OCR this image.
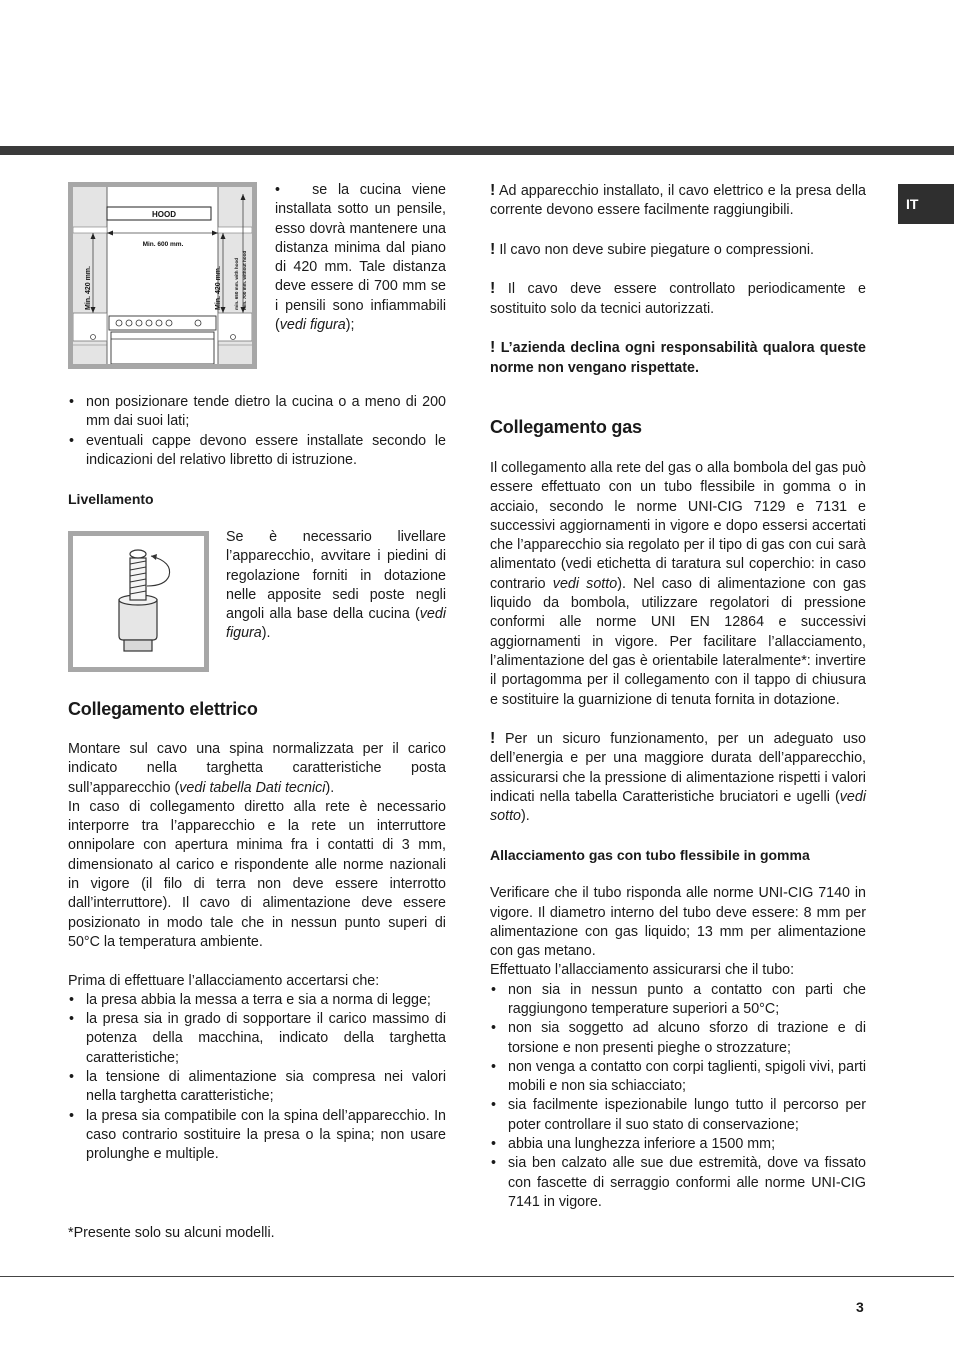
IT
HOOD
Min. 600 mm.
Min. 420 mm.	Min. 420 mm.	min. 650 mm. with hood min. 700 mm. without hood

•   se la cucina viene installata sotto un pensile, esso dovrà mantenere una distanza minima dal piano di 420 mm. Tale distanza deve essere di 700 mm se i pensili sono infiammabili (vedi figura);

• non posizionare tende dietro la cucina o a meno di 200 mm dai suoi lati;
• eventuali cappe devono essere installate secondo le indicazioni del relativo libretto di istruzione.
Livellamento

Se è necessario livellare l’apparecchio, avvitare i piedini di regolazione forniti in dotazione nelle apposite sedi poste negli angoli alla base della cucina (vedi figura).

Collegamento elettrico

Montare sul cavo una spina normalizzata per il carico indicato nella targhetta caratteristiche posta sull’apparecchio (vedi tabella Dati tecnici).

In caso di collegamento diretto alla rete è necessario interporre tra l’apparecchio e la rete un interruttore onnipolare con apertura minima fra i contatti di 3 mm, dimensionato al carico e rispondente alle norme nazionali in vigore (il filo di terra non deve essere interrotto dall’interruttore). Il cavo di alimentazione deve essere posizionato in modo tale che in nessun punto superi di 50°C la temperatura ambiente.

Prima di effettuare l’allacciamento accertarsi che:

• la presa abbia la messa a terra e sia a norma di legge;
• la presa sia in grado di sopportare il carico massimo di potenza della macchina, indicato della targhetta caratteristiche;
• la tensione di alimentazione sia compresa nei valori nella targhetta caratteristiche;
• la presa sia compatibile con la spina dell’apparecchio. In caso contrario sostituire la presa o la spina; non usare prolunghe e multiple.

*Presente solo su alcuni modelli.

! Ad apparecchio installato, il cavo elettrico e la presa della corrente devono essere facilmente raggiungibili.

! Il cavo non deve subire piegature o compressioni.

! Il cavo deve essere controllato periodicamente e sostituito solo da tecnici autorizzati.

! L’azienda declina ogni responsabilità qualora queste norme non vengano rispettate.

Collegamento gas

Il collegamento alla rete del gas o alla bombola del gas può essere effettuato con un tubo flessibile in gomma o in acciaio, secondo le norme UNI-CIG 7129 e 7131 e successivi aggiornamenti in vigore e dopo essersi accertati che l’apparecchio sia regolato per il tipo di gas con cui sarà alimentato (vedi etichetta di taratura sul coperchio: in caso contrario vedi sotto). Nel caso di alimentazione con gas liquido da bombola, utilizzare regolatori di pressione conformi alle norme UNI EN 12864 e successivi aggiornamenti in vigore. Per facilitare l’allacciamento, l’alimentazione del gas è orientabile lateralmente*: invertire il portagomma per il collegamento con il tappo di chiusura e sostituire la guarnizione di tenuta fornita in dotazione.

! Per un sicuro funzionamento, per un adeguato uso dell’energia e per una maggiore durata dell’apparecchio, assicurarsi che la pressione di alimentazione rispetti i valori indicati nella tabella Caratteristiche bruciatori e ugelli (vedi sotto).

Allacciamento gas con tubo flessibile in gomma

Verificare che il tubo risponda alle norme UNI-CIG 7140 in vigore. Il diametro interno del tubo deve essere: 8 mm per alimentazione con gas liquido; 13 mm per alimentazione con gas metano.

Effettuato l’allacciamento assicurarsi che il tubo:

• non sia in nessun punto a contatto con parti che raggiungono temperature superiori a 50°C;
• non sia soggetto ad alcuno sforzo di trazione e di torsione e non presenti pieghe o strozzature;
• non venga a contatto con corpi taglienti, spigoli vivi, parti mobili e non sia schiacciato;
• sia facilmente ispezionabile lungo tutto il percorso per poter controllare il suo stato di conservazione;
• abbia una lunghezza inferiore a 1500 mm;
• sia ben calzato alle sue due estremità, dove va fissato con fascette di serraggio conformi alle norme UNI-CIG 7141 in vigore.
3
